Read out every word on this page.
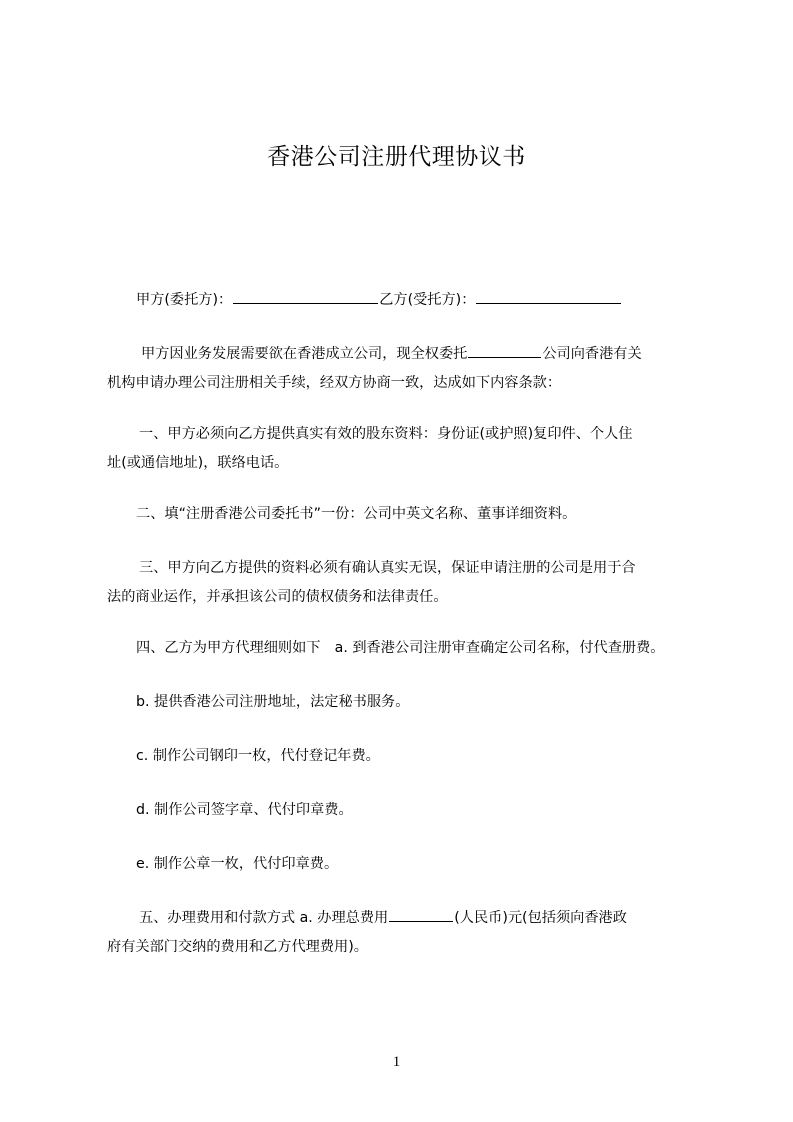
香港公司注册代理协议书
甲方(委托方)：	乙方(受托方)：
甲方因业务发展需要欲在香港成立公司，现全权委托	公司向香港有关
机构申请办理公司注册相关手续，经双方协商一致，达成如下内容条款：
一、甲方必须向乙方提供真实有效的股东资料：身份证(或护照)复印件、个人住
址(或通信地址)，联络电话。
二、填“注册香港公司委托书”一份：公司中英文名称、董事详细资料。
三、甲方向乙方提供的资料必须有确认真实无误，保证申请注册的公司是用于合
法的商业运作，并承担该公司的债权债务和法律责任。
四、乙方为甲方代理细则如下　a. 到香港公司注册审查确定公司名称，付代查册费。
b. 提供香港公司注册地址，法定秘书服务。
c. 制作公司钢印一枚，代付登记年费。
d. 制作公司签字章、代付印章费。
e. 制作公章一枚，代付印章费。
五、办理费用和付款方式 a. 办理总费用	(人民币)元(包括须向香港政
府有关部门交纳的费用和乙方代理费用)。
1
